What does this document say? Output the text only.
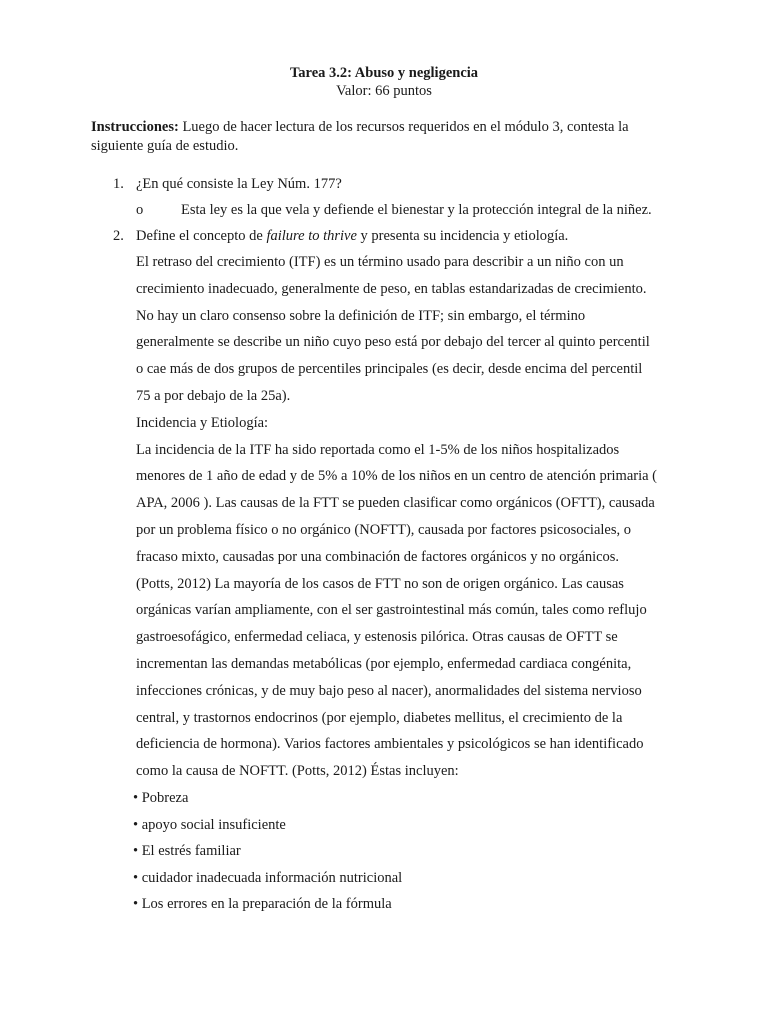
Tarea 3.2: Abuso y negligencia
Valor: 66 puntos
Instrucciones: Luego de hacer lectura de los recursos requeridos en el módulo 3, contesta la
siguiente guía de estudio.
1. ¿En qué consiste la Ley Núm. 177?
o	Esta ley es la que vela y defiende el bienestar y la protección integral de la niñez.
2. Define el concepto de failure to thrive y presenta su incidencia y etiología.
El retraso del crecimiento (ITF) es un término usado para describir a un niño con un
crecimiento inadecuado, generalmente de peso, en tablas estandarizadas de crecimiento.
No hay un claro consenso sobre la definición de ITF; sin embargo, el término
generalmente se describe un niño cuyo peso está por debajo del tercer al quinto percentil
o cae más de dos grupos de percentiles principales (es decir, desde encima del percentil
75 a por debajo de la 25a).
Incidencia y Etiología:
La incidencia de la ITF ha sido reportada como el 1-5% de los niños hospitalizados
menores de 1 año de edad y de 5% a 10% de los niños en un centro de atención primaria (
APA, 2006 ). Las causas de la FTT se pueden clasificar como orgánicos (OFTT), causada
por un problema físico o no orgánico (NOFTT), causada por factores psicosociales, o
fracaso mixto, causadas por una combinación de factores orgánicos y no orgánicos.
(Potts, 2012) La mayoría de los casos de FTT no son de origen orgánico. Las causas
orgánicas varían ampliamente, con el ser gastrointestinal más común, tales como reflujo
gastroesofágico, enfermedad celiaca, y estenosis pilórica. Otras causas de OFTT se
incrementan las demandas metabólicas (por ejemplo, enfermedad cardiaca congénita,
infecciones crónicas, y de muy bajo peso al nacer), anormalidades del sistema nervioso
central, y trastornos endocrinos (por ejemplo, diabetes mellitus, el crecimiento de la
deficiencia de hormona). Varios factores ambientales y psicológicos se han identificado
como la causa de NOFTT. (Potts, 2012) Éstas incluyen:
• Pobreza
• apoyo social insuficiente
• El estrés familiar
• cuidador inadecuada información nutricional
• Los errores en la preparación de la fórmula
